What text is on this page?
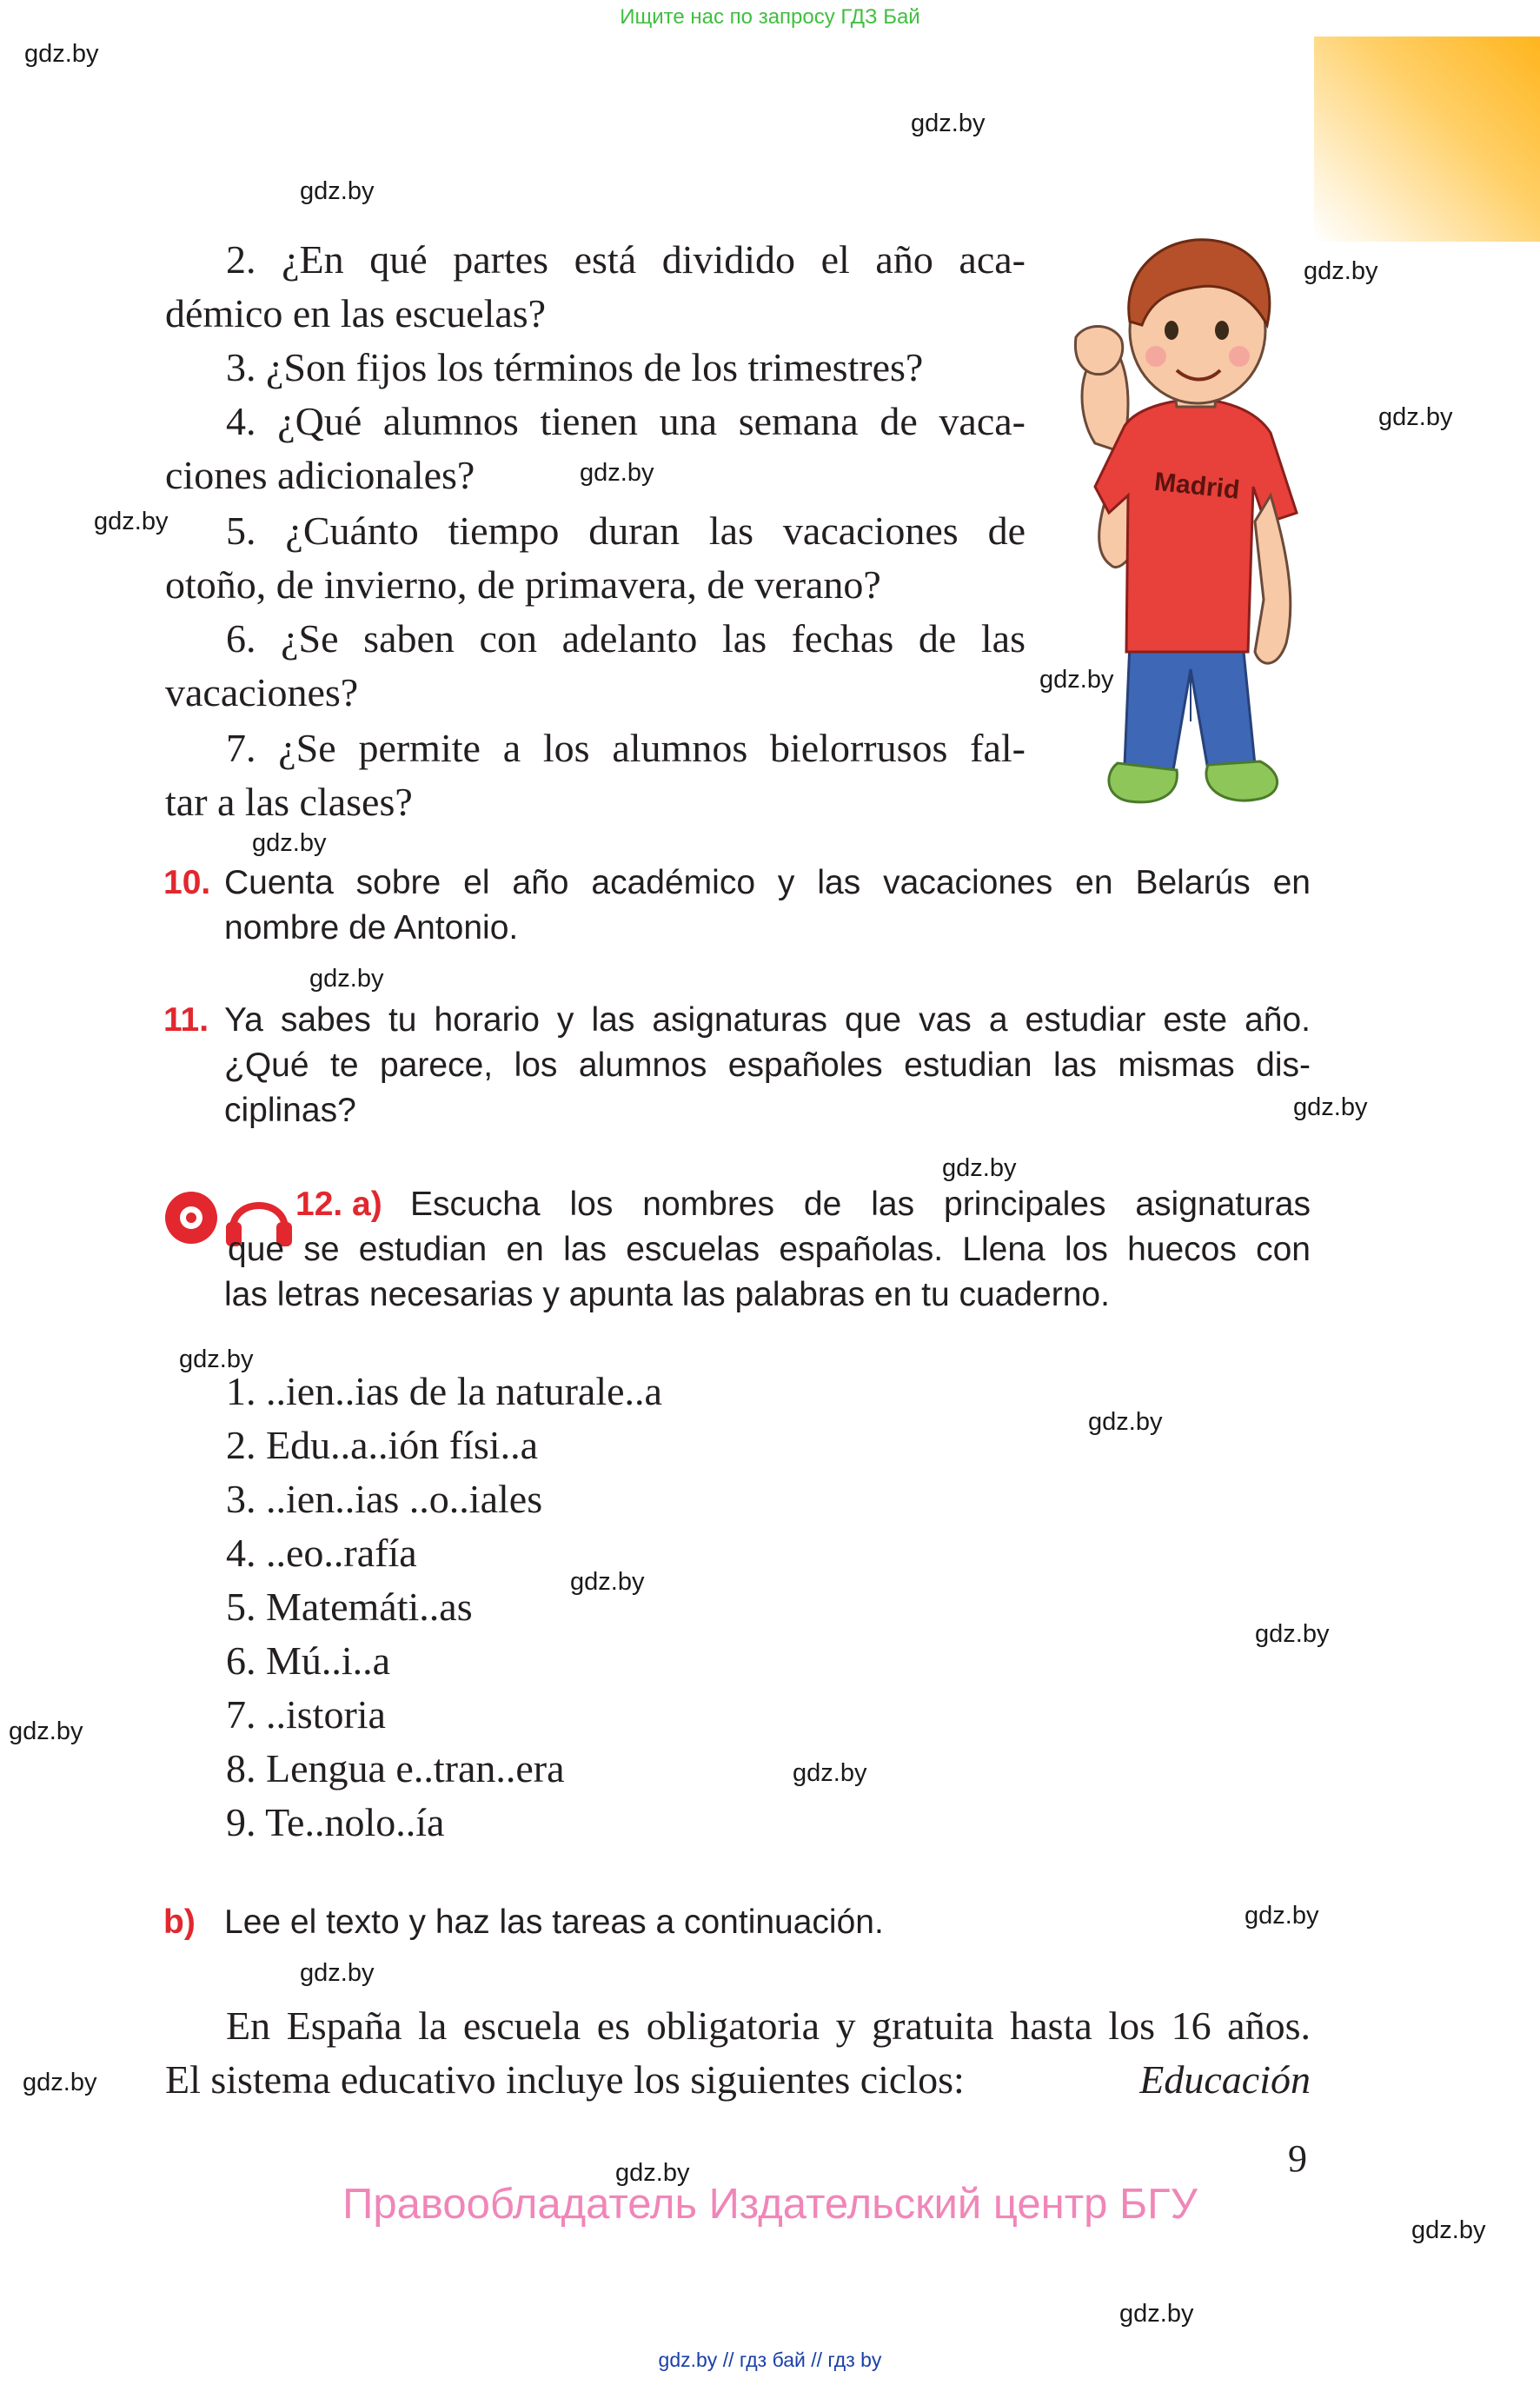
Ищите нас по запросу ГДЗ Бай
gdz.by
gdz.by
gdz.by
gdz.by
gdz.by
gdz.by
gdz.by
gdz.by
gdz.by
gdz.by
gdz.by
gdz.by
gdz.by
gdz.by
gdz.by
gdz.by
gdz.by
gdz.by
gdz.by
gdz.by
gdz.by
gdz.by
gdz.by
gdz.by
2. ¿En qué partes está dividido el año aca-
démico en las escuelas?
3. ¿Son fijos los términos de los trimestres?
4. ¿Qué alumnos tienen una semana de vaca-
ciones adicionales?
5. ¿Cuánto tiempo duran las vacaciones de
otoño, de invierno, de primavera, de verano?
6. ¿Se saben con adelanto las fechas de las
vacaciones?
7. ¿Se permite a los alumnos bielorrusos fal-
tar a las clases?
Madrid
10. Cuenta sobre el año académico y las vacaciones en Belarús en
nombre de Antonio.
11. Ya sabes tu horario y las asignaturas que vas a estudiar este año.
¿Qué te parece, los alumnos españoles estudian las mismas dis-
ciplinas?
12. a) Escucha los nombres de las principales asignaturas
que se estudian en las escuelas españolas. Llena los huecos con
las letras necesarias y apunta las palabras en tu cuaderno.
1. ..ien..ias de la naturale..a
2. Edu..a..ión físi..a
3. ..ien..ias ..o..iales
4. ..eo..rafía
5. Matemáti..as
6. Mú..i..a
7. ..istoria
8. Lengua e..tran..era
9. Te..nolo..ía
b) Lee el texto y haz las tareas a continuación.
En España la escuela es obligatoria y gratuita hasta los 16 años.
El sistema educativo incluye los siguientes ciclos:	Educación
9
Правообладатель Издательский центр БГУ
gdz.by // гдз бай // гдз by
